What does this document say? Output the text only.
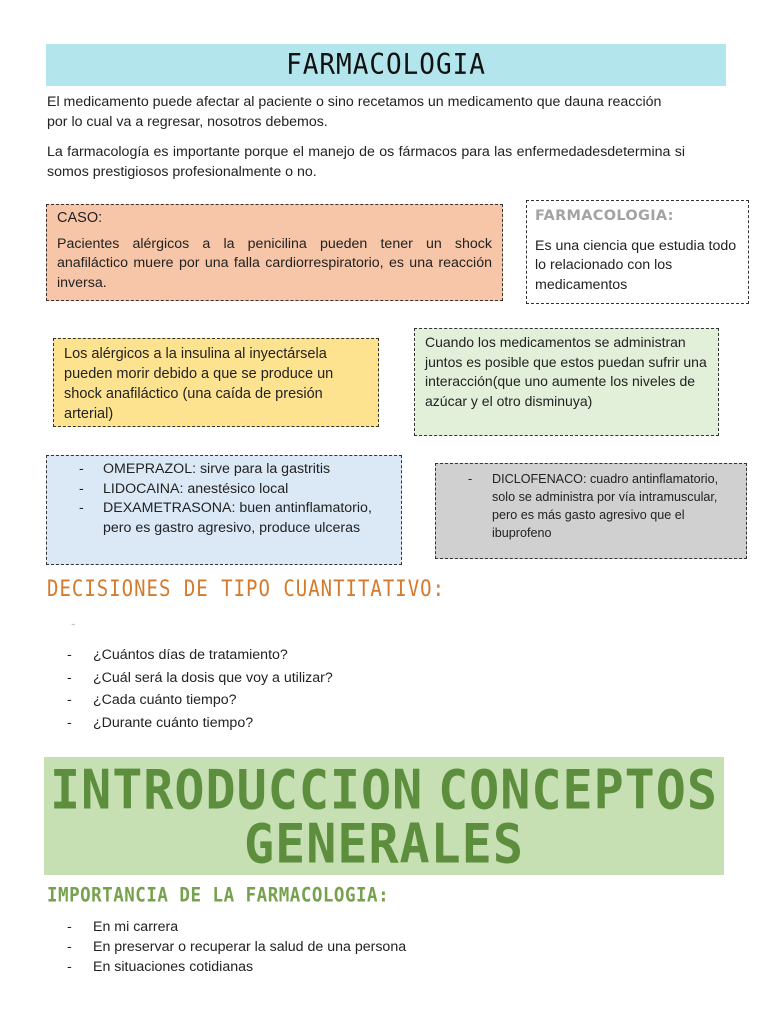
FARMACOLOGIA

El medicamento puede afectar al paciente o sino recetamos un medicamento que dauna reacción por lo cual va a regresar, nosotros debemos.

La farmacología es importante porque el manejo de os fármacos para las enfermedadesdetermina si somos prestigiosos profesionalmente o no.

CASO:

Pacientes alérgicos a la penicilina pueden tener un shock anafiláctico muere por una falla cardiorrespiratorio, es una reacción inversa.

FARMACOLOGIA:

Es una ciencia que estudia todo lo relacionado con los medicamentos

Los alérgicos a la insulina al inyectársela pueden morir debido a que se produce un shock anafiláctico (una caída de presión arterial)

Cuando los medicamentos se administran juntos es posible que estos puedan sufrir una interacción(que uno aumente los niveles de azúcar y el otro disminuya)

- OMEPRAZOL: sirve para la gastritis
- LIDOCAINA: anestésico local
- DEXAMETRASONA: buen antinflamatorio, pero es gastro agresivo, produce ulceras
- DICLOFENACO: cuadro antinflamatorio, solo se administra por vía intramuscular, pero es más gasto agresivo que el ibuprofeno
DECISIONES DE TIPO CUANTITATIVO:
-
- ¿Cuántos días de tratamiento?
- ¿Cuál será la dosis que voy a utilizar?
- ¿Cada cuánto tiempo?
- ¿Durante cuánto tiempo?
INTRODUCCION CONCEPTOS
GENERALES
IMPORTANCIA DE LA FARMACOLOGIA:
- En mi carrera
- En preservar o recuperar la salud de una persona
- En situaciones cotidianas
